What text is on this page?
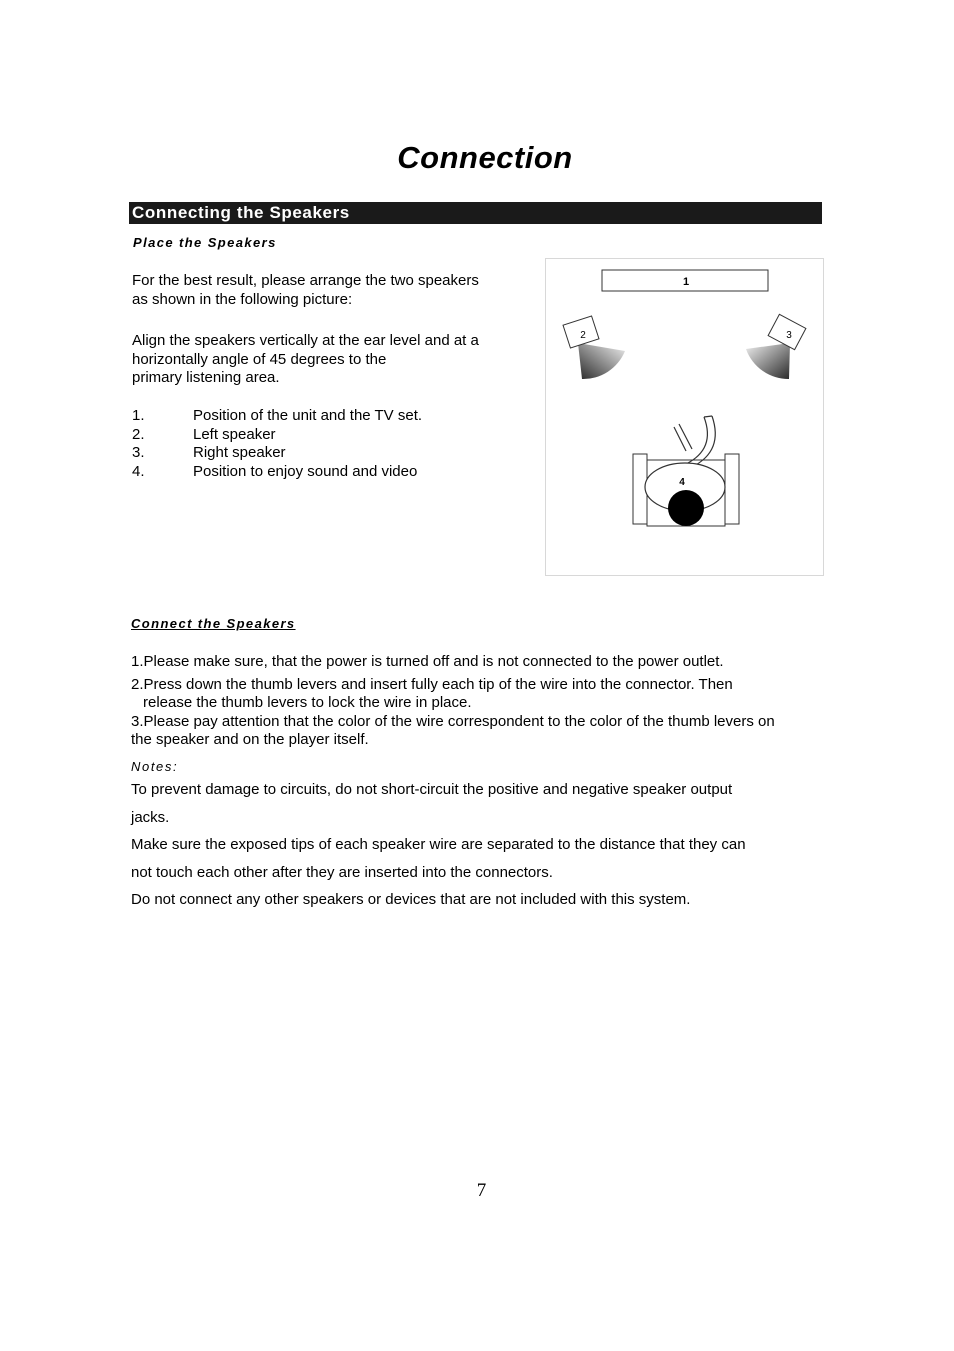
Connection
Connecting the Speakers
Place the Speakers
For the best result, please arrange the two speakers
as shown in the following picture:
Align the speakers vertically at the ear level and at a
horizontally angle of 45 degrees to the
primary listening area.
1.	Position of the unit and the TV set.
2.	Left speaker
3.	Right speaker
4.	Position to enjoy sound and video
1
2	3
4
Connect the Speakers
1.Please make sure, that the power is turned off and is not connected to the power outlet.
2.Press down the thumb levers and insert fully each tip of the wire into the connector. Then
release the thumb levers to lock the wire in place.
3.Please pay attention that the color of the wire correspondent to the color of the thumb levers on
the speaker and on the player itself.
Notes:
To prevent damage to circuits, do not short-circuit the positive and negative speaker output
jacks.
Make sure the exposed tips of each speaker wire are separated to the distance that they can
not touch each other after they are inserted into the connectors.
Do not connect any other speakers or devices that are not included with this system.
7
